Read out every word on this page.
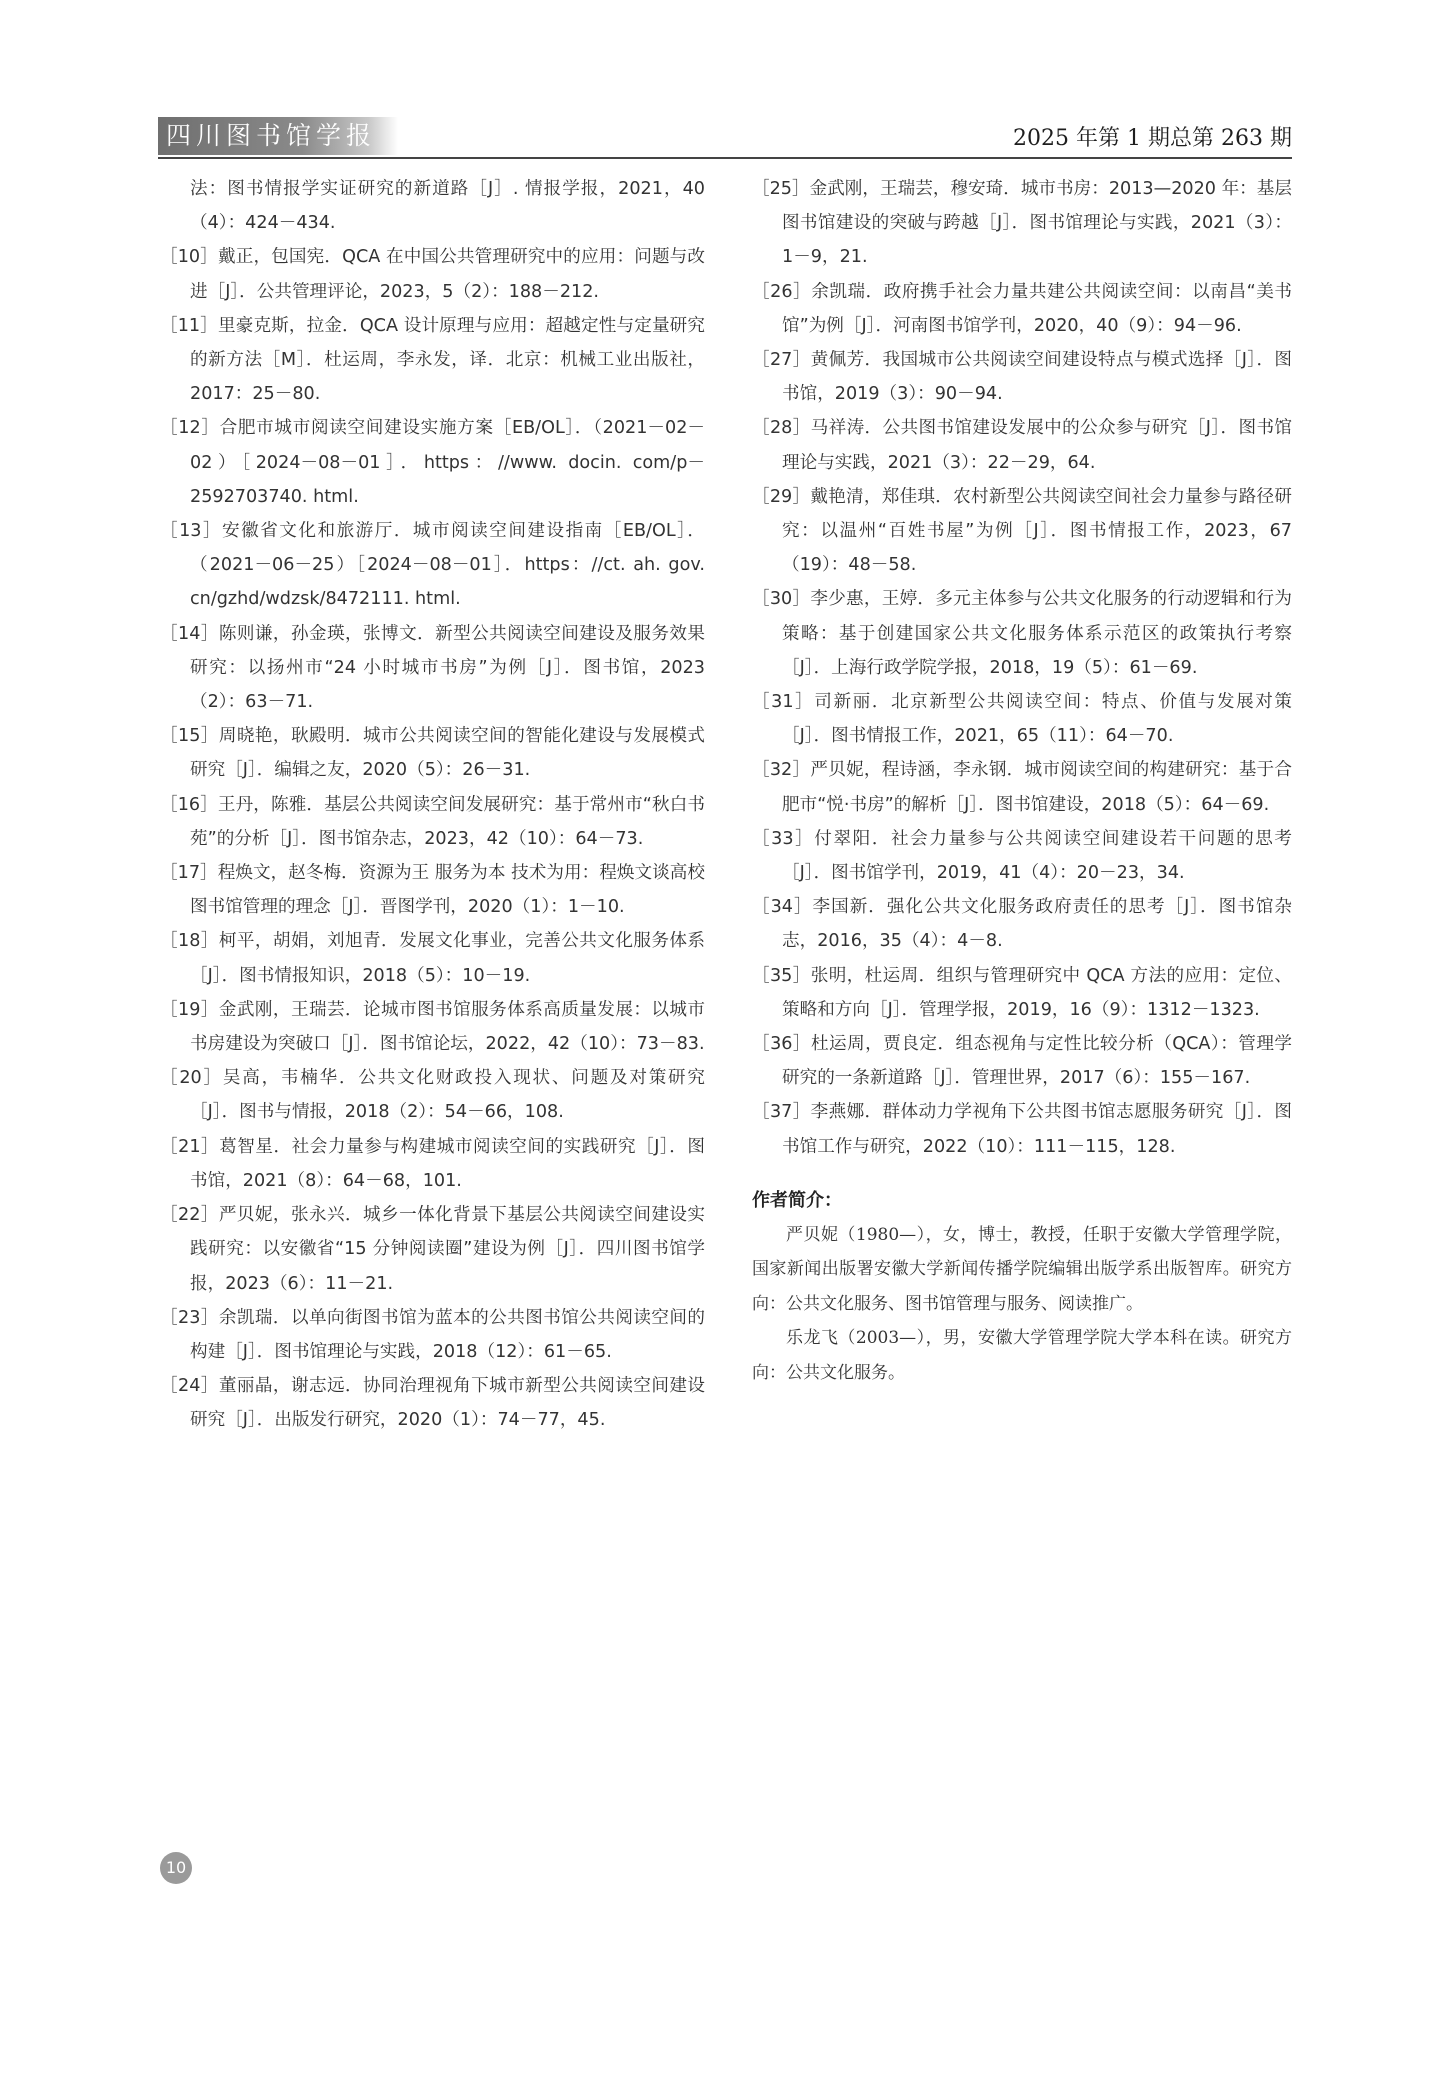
四川图书馆学报	2025 年第 1 期总第 263 期
法：图书情报学实证研究的新道路［J］. 情报学报，2021，40（4）：424－434.
［10］戴正，包国宪．QCA 在中国公共管理研究中的应用：问题与改进［J］．公共管理评论，2023，5（2）：188－212.
［11］里豪克斯，拉金．QCA 设计原理与应用：超越定性与定量研究的新方法［M］．杜运周，李永发，译．北京：机械工业出版社，2017：25－80.
［12］合肥市城市阅读空间建设实施方案［EB/OL］．（2021－02－02）［2024－08－01］．https：//www. docin. com/p－2592703740. html.
［13］安徽省文化和旅游厅．城市阅读空间建设指南［EB/OL］．（2021－06－25）［2024－08－01］．https：//ct. ah. gov. cn/gzhd/wdzsk/8472111. html.
［14］陈则谦，孙金瑛，张博文．新型公共阅读空间建设及服务效果研究：以扬州市“24 小时城市书房”为例［J］．图书馆，2023（2）：63－71.
［15］周晓艳，耿殿明．城市公共阅读空间的智能化建设与发展模式研究［J］．编辑之友，2020（5）：26－31.
［16］王丹，陈雅．基层公共阅读空间发展研究：基于常州市“秋白书苑”的分析［J］．图书馆杂志，2023，42（10）：64－73.
［17］程焕文，赵冬梅．资源为王 服务为本 技术为用：程焕文谈高校图书馆管理的理念［J］．晋图学刊，2020（1）：1－10.
［18］柯平，胡娟，刘旭青．发展文化事业，完善公共文化服务体系［J］．图书情报知识，2018（5）：10－19.
［19］金武刚，王瑞芸．论城市图书馆服务体系高质量发展：以城市书房建设为突破口［J］．图书馆论坛，2022，42（10）：73－83.
［20］吴高，韦楠华．公共文化财政投入现状、问题及对策研究［J］．图书与情报，2018（2）：54－66，108.
［21］葛智星．社会力量参与构建城市阅读空间的实践研究［J］．图书馆，2021（8）：64－68，101.
［22］严贝妮，张永兴．城乡一体化背景下基层公共阅读空间建设实践研究：以安徽省“15 分钟阅读圈”建设为例［J］．四川图书馆学报，2023（6）：11－21.
［23］余凯瑞．以单向街图书馆为蓝本的公共图书馆公共阅读空间的构建［J］．图书馆理论与实践，2018（12）：61－65.
［24］董丽晶，谢志远．协同治理视角下城市新型公共阅读空间建设研究［J］．出版发行研究，2020（1）：74－77，45.
［25］金武刚，王瑞芸，穆安琦．城市书房：2013—2020 年：基层图书馆建设的突破与跨越［J］．图书馆理论与实践，2021（3）：1－9，21.
［26］余凯瑞．政府携手社会力量共建公共阅读空间：以南昌“美书馆”为例［J］．河南图书馆学刊，2020，40（9）：94－96.
［27］黄佩芳．我国城市公共阅读空间建设特点与模式选择［J］．图书馆，2019（3）：90－94.
［28］马祥涛．公共图书馆建设发展中的公众参与研究［J］．图书馆理论与实践，2021（3）：22－29，64.
［29］戴艳清，郑佳琪．农村新型公共阅读空间社会力量参与路径研究：以温州“百姓书屋”为例［J］．图书情报工作，2023，67（19）：48－58.
［30］李少惠，王婷．多元主体参与公共文化服务的行动逻辑和行为策略：基于创建国家公共文化服务体系示范区的政策执行考察［J］．上海行政学院学报，2018，19（5）：61－69.
［31］司新丽．北京新型公共阅读空间：特点、价值与发展对策［J］．图书情报工作，2021，65（11）：64－70.
［32］严贝妮，程诗涵，李永钢．城市阅读空间的构建研究：基于合肥市“悦·书房”的解析［J］．图书馆建设，2018（5）：64－69.
［33］付翠阳．社会力量参与公共阅读空间建设若干问题的思考［J］．图书馆学刊，2019，41（4）：20－23，34.
［34］李国新．强化公共文化服务政府责任的思考［J］．图书馆杂志，2016，35（4）：4－8.
［35］张明，杜运周．组织与管理研究中 QCA 方法的应用：定位、策略和方向［J］．管理学报，2019，16（9）：1312－1323.
［36］杜运周，贾良定．组态视角与定性比较分析（QCA）：管理学研究的一条新道路［J］．管理世界，2017（6）：155－167.
［37］李燕娜．群体动力学视角下公共图书馆志愿服务研究［J］．图书馆工作与研究，2022（10）：111－115，128.
作者简介：
严贝妮（1980—），女，博士，教授，任职于安徽大学管理学院，国家新闻出版署安徽大学新闻传播学院编辑出版学系出版智库。研究方向：公共文化服务、图书馆管理与服务、阅读推广。
乐龙飞（2003—），男，安徽大学管理学院大学本科在读。研究方向：公共文化服务。
10
